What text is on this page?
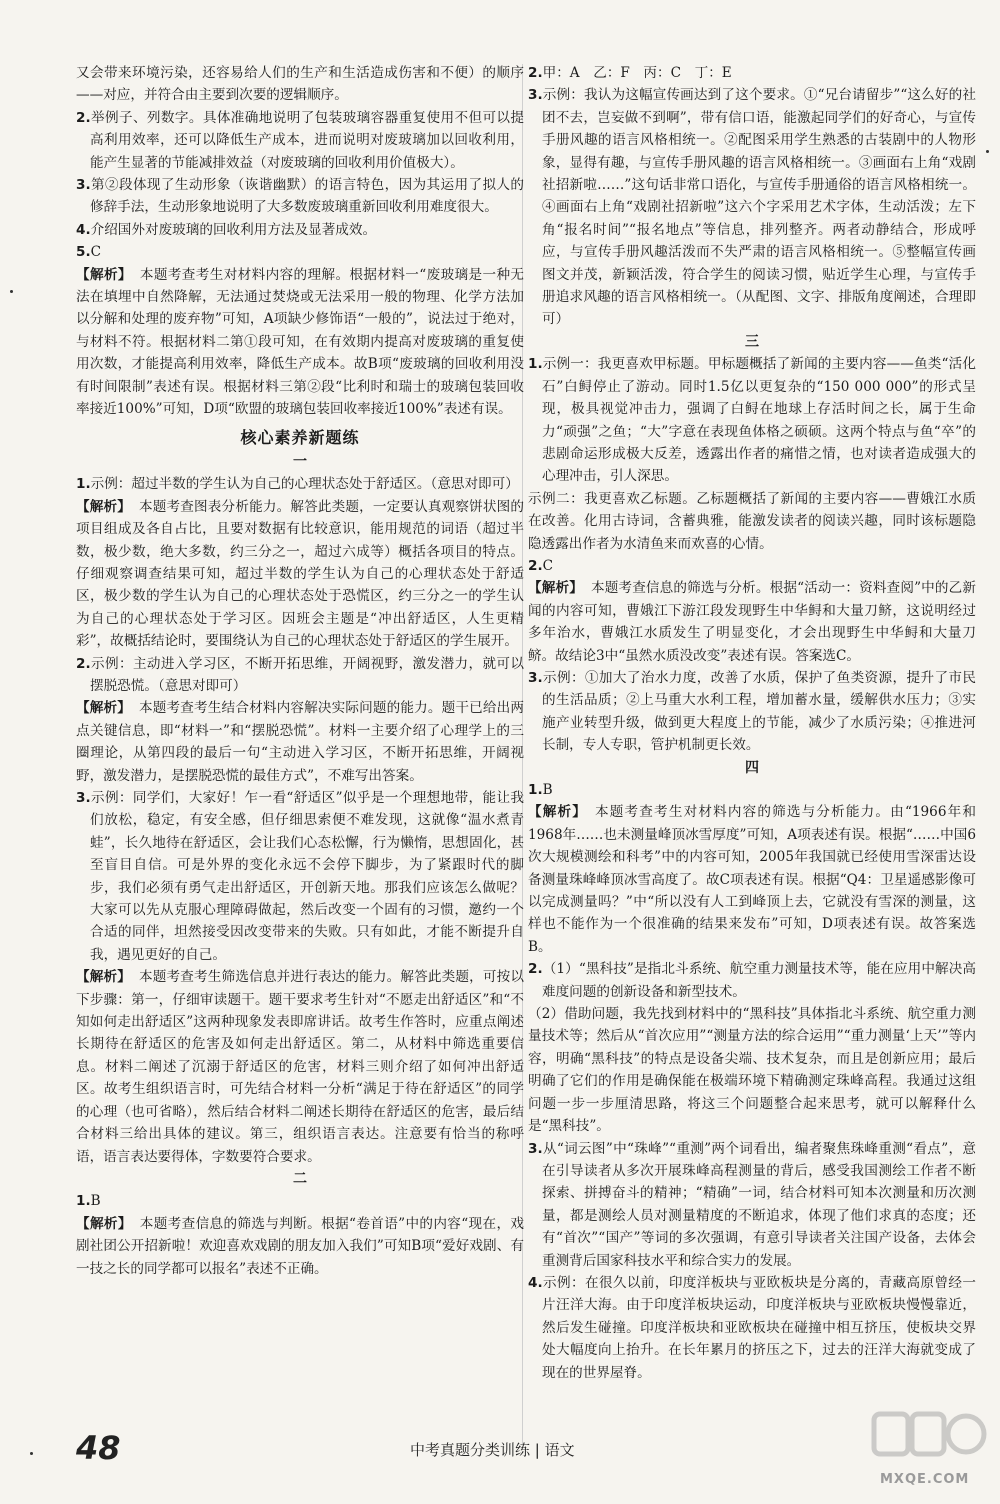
又会带来环境污染，还容易给人们的生产和生活造成伤害和不便）的顺序——对应，并符合由主要到次要的逻辑顺序。

2.举例子、列数字。具体准确地说明了包装玻璃容器重复使用不但可以提高利用效率，还可以降低生产成本，进而说明对废玻璃加以回收利用，能产生显著的节能减排效益（对废玻璃的回收利用价值极大）。

3.第②段体现了生动形象（诙谐幽默）的语言特色，因为其运用了拟人的修辞手法，生动形象地说明了大多数废玻璃重新回收利用难度很大。

4.介绍国外对废玻璃的回收利用方法及显著成效。

5.C

【解析】 本题考查考生对材料内容的理解。根据材料一“废玻璃是一种无法在填埋中自然降解，无法通过焚烧或无法采用一般的物理、化学方法加以分解和处理的废弃物”可知，A项缺少修饰语“一般的”，说法过于绝对，与材料不符。根据材料二第①段可知，在有效期内提高对废玻璃的重复使用次数，才能提高利用效率，降低生产成本。故B项“废玻璃的回收利用没有时间限制”表述有误。根据材料三第②段“比利时和瑞士的玻璃包装回收率接近100%”可知，D项“欧盟的玻璃包装回收率接近100%”表述有误。

核心素养新题练
一

1.示例：超过半数的学生认为自己的心理状态处于舒适区。（意思对即可）

【解析】 本题考查图表分析能力。解答此类题，一定要认真观察饼状图的项目组成及各自占比，且要对数据有比较意识，能用规范的词语（超过半数，极少数，绝大多数，约三分之一，超过六成等）概括各项目的特点。仔细观察调查结果可知，超过半数的学生认为自己的心理状态处于舒适区，极少数的学生认为自己的心理状态处于恐慌区，约三分之一的学生认为自己的心理状态处于学习区。因班会主题是“冲出舒适区，人生更精彩”，故概括结论时，要围绕认为自己的心理状态处于舒适区的学生展开。

2.示例：主动进入学习区，不断开拓思维，开阔视野，激发潜力，就可以摆脱恐慌。（意思对即可）

【解析】 本题考查考生结合材料内容解决实际问题的能力。题干已给出两点关键信息，即“材料一”和“摆脱恐慌”。材料一主要介绍了心理学上的三圈理论，从第四段的最后一句“主动进入学习区，不断开拓思维，开阔视野，激发潜力，是摆脱恐慌的最佳方式”，不难写出答案。

3.示例：同学们，大家好！乍一看“舒适区”似乎是一个理想地带，能让我们放松，稳定，有安全感，但仔细思索便不难发现，这就像“温水煮青蛙”，长久地待在舒适区，会让我们心态松懈，行为懒惰，思想固化，甚至盲目自信。可是外界的变化永远不会停下脚步，为了紧跟时代的脚步，我们必须有勇气走出舒适区，开创新天地。那我们应该怎么做呢？大家可以先从克服心理障碍做起，然后改变一个固有的习惯，邀约一个合适的同伴，坦然接受因改变带来的失败。只有如此，才能不断提升自我，遇见更好的自己。

【解析】 本题考查考生筛选信息并进行表达的能力。解答此类题，可按以下步骤：第一，仔细审读题干。题干要求考生针对“不愿走出舒适区”和“不知如何走出舒适区”这两种现象发表即席讲话。故考生作答时，应重点阐述长期待在舒适区的危害及如何走出舒适区。第二，从材料中筛选重要信息。材料二阐述了沉溺于舒适区的危害，材料三则介绍了如何冲出舒适区。故考生组织语言时，可先结合材料一分析“满足于待在舒适区”的同学的心理（也可省略），然后结合材料二阐述长期待在舒适区的危害，最后结合材料三给出具体的建议。第三，组织语言表达。注意要有恰当的称呼语，语言表达要得体，字数要符合要求。

二

1.B

【解析】 本题考查信息的筛选与判断。根据“卷首语”中的内容“现在，戏剧社团公开招新啦！欢迎喜欢戏剧的朋友加入我们”可知B项“爱好戏剧、有一技之长的同学都可以报名”表述不正确。

2.甲：A　乙：F　丙：C　丁：E

3.示例：我认为这幅宣传画达到了这个要求。①“兄台请留步”“这么好的社团不去，岂妄做不到啊”，带有信口语，能激起同学们的好奇心，与宣传手册风趣的语言风格相统一。②配图采用学生熟悉的古装剧中的人物形象，显得有趣，与宣传手册风趣的语言风格相统一。③画面右上角“戏剧社招新啦……”这句话非常口语化，与宣传手册通俗的语言风格相统一。④画面右上角“戏剧社招新啦”这六个字采用艺术字体，生动活泼；左下角“报名时间”“报名地点”等信息，排列整齐。两者动静结合，形成呼应，与宣传手册风趣活泼而不失严肃的语言风格相统一。⑤整幅宣传画图文并茂，新颖活泼，符合学生的阅读习惯，贴近学生心理，与宣传手册追求风趣的语言风格相统一。（从配图、文字、排版角度阐述，合理即可）

三

1.示例一：我更喜欢甲标题。甲标题概括了新闻的主要内容——鱼类“活化石”白鲟停止了游动。同时1.5亿以更复杂的“150 000 000”的形式呈现，极具视觉冲击力，强调了白鲟在地球上存活时间之长，属于生命力“顽强”之鱼；“大”字意在表现鱼体格之硕硕。这两个特点与鱼“卒”的悲剧命运形成极大反差，透露出作者的痛惜之情，也对读者造成强大的心理冲击，引人深思。

示例二：我更喜欢乙标题。乙标题概括了新闻的主要内容——曹娥江水质在改善。化用古诗词，含蓄典雅，能激发读者的阅读兴趣，同时该标题隐隐透露出作者为水清鱼来而欢喜的心情。

2.C

【解析】 本题考查信息的筛选与分析。根据“活动一：资料查阅”中的乙新闻的内容可知，曹娥江下游江段发现野生中华鲟和大量刀鲚，这说明经过多年治水，曹娥江水质发生了明显变化，才会出现野生中华鲟和大量刀鲚。故结论3中“虽然水质没改变”表述有误。答案选C。

3.示例：①加大了治水力度，改善了水质，保护了鱼类资源，提升了市民的生活品质；②上马重大水利工程，增加蓄水量，缓解供水压力；③实施产业转型升级，做到更大程度上的节能，减少了水质污染；④推进河长制，专人专职，管护机制更长效。

四

1.B

【解析】 本题考查考生对材料内容的筛选与分析能力。由“1966年和1968年……也未测量峰顶冰雪厚度”可知，A项表述有误。根据“……中国6次大规模测绘和科考”中的内容可知，2005年我国就已经使用雪深雷达设备测量珠峰峰顶冰雪高度了。故C项表述有误。根据“Q4：卫星遥感影像可以完成测量吗？”中“所以没有人工到峰顶上去，它就没有雪深的测量，这样也不能作为一个很准确的结果来发布”可知，D项表述有误。故答案选B。

2.（1）“黑科技”是指北斗系统、航空重力测量技术等，能在应用中解决高难度问题的创新设备和新型技术。

（2）借助问题，我先找到材料中的“黑科技”具体指北斗系统、航空重力测量技术等；然后从“首次应用”“测量方法的综合运用”“重力测量‘上天’”等内容，明确“黑科技”的特点是设备尖端、技术复杂，而且是创新应用；最后明确了它们的作用是确保能在极端环境下精确测定珠峰高程。我通过这组问题一步一步厘清思路，将这三个问题整合起来思考，就可以解释什么是“黑科技”。

3.从“词云图”中“珠峰”“重测”两个词看出，编者聚焦珠峰重测“看点”，意在引导读者从多次开展珠峰高程测量的背后，感受我国测绘工作者不断探索、拼搏奋斗的精神；“精确”一词，结合材料可知本次测量和历次测量，都是测绘人员对测量精度的不断追求，体现了他们求真的态度；还有“首次”“国产”等词的多次强调，有意引导读者关注国产设备，去体会重测背后国家科技水平和综合实力的发展。

4.示例：在很久以前，印度洋板块与亚欧板块是分离的，青藏高原曾经一片汪洋大海。由于印度洋板块运动，印度洋板块与亚欧板块慢慢靠近，然后发生碰撞。印度洋板块和亚欧板块在碰撞中相互挤压，使板块交界处大幅度向上抬升。在长年累月的挤压之下，过去的汪洋大海就变成了现在的世界屋脊。

48	中考真题分类训练 | 语文
MXQE.COM
